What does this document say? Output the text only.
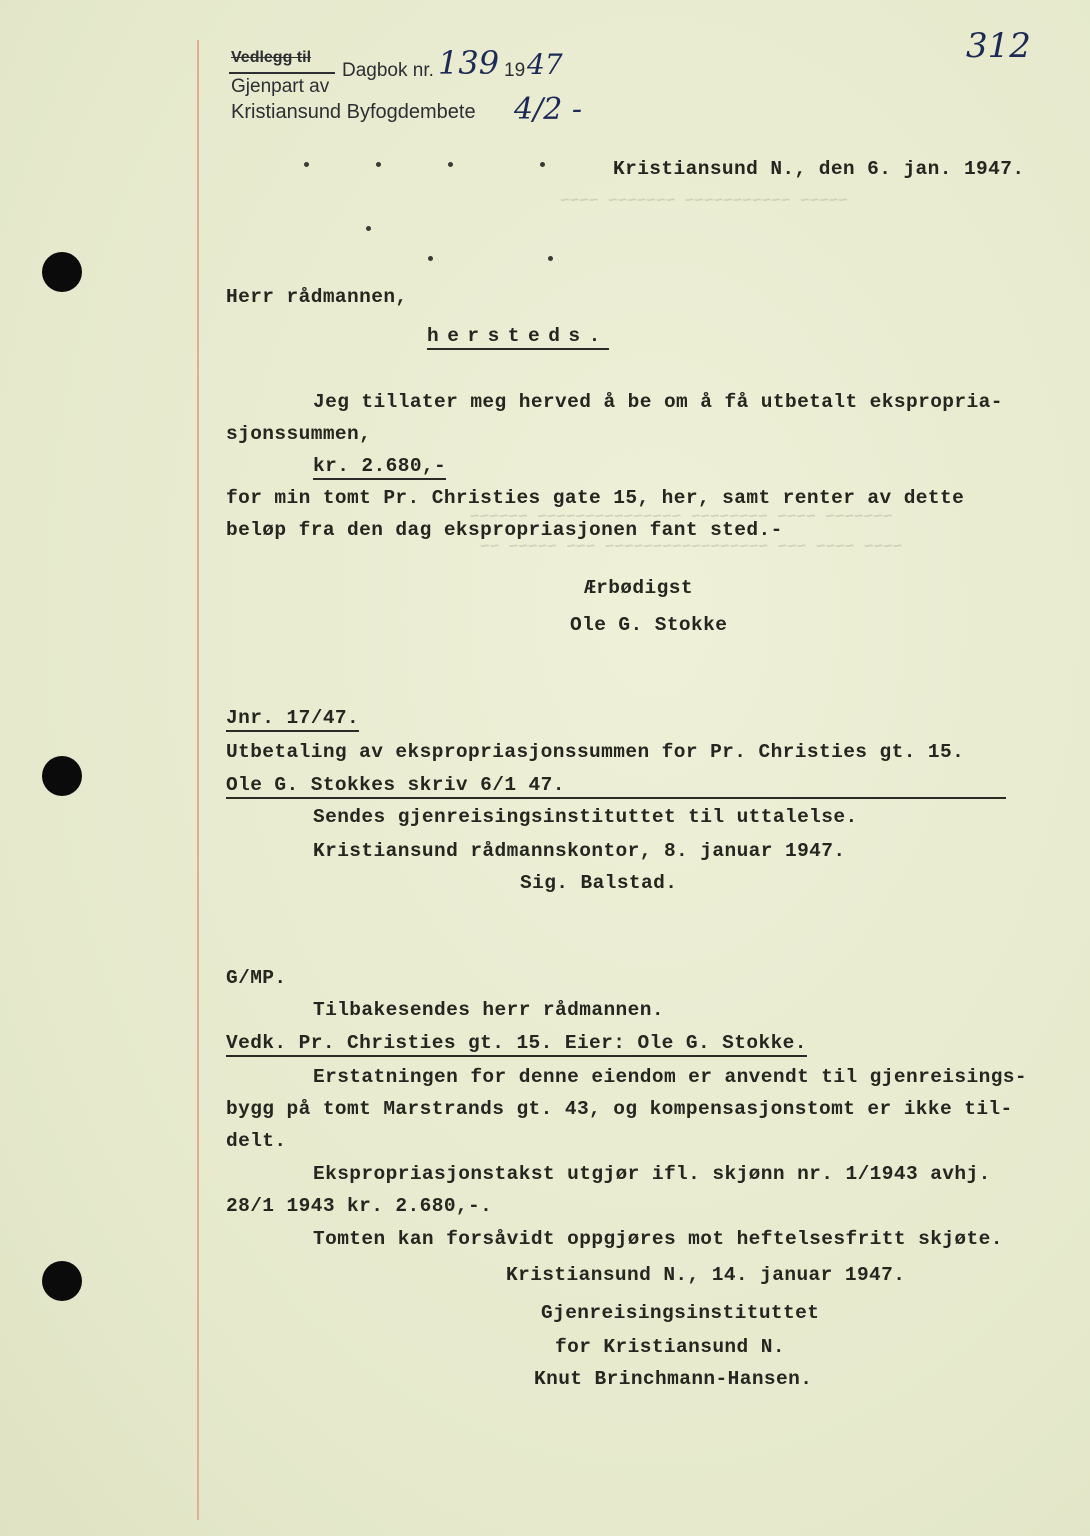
~~~~~ ~~~~~~~~~~~ ~~~~~~~ ~~~~
~~~~~~~ ~~~~ ~~~~~~~~ ~~~~~~~~~~~~~~~ ~~~~~~
~~~~ ~~~~ ~~~ ~~~~~~~~~~~~~~~~~ ~~~ ~~~~~ ~~
Vedlegg til
Gjenpart av
Dagbok nr. 139 19 47
Kristiansund Byfogdembete 4/2 -
312
Kristiansund N., den 6. jan. 1947.
Herr rådmannen,
hersteds.
Jeg tillater meg herved å be om å få utbetalt ekspropria-
sjonssummen,
kr. 2.680,-
for min tomt Pr. Christies gate 15, her, samt renter av dette
beløp fra den dag ekspropriasjonen fant sted.-
Ærbødigst
Ole G. Stokke
Jnr. 17/47.
Utbetaling av ekspropriasjonssummen for Pr. Christies gt. 15.
Ole G. Stokkes skriv 6/1 47.
Sendes gjenreisingsinstituttet til uttalelse.
Kristiansund rådmannskontor, 8. januar 1947.
Sig. Balstad.
G/MP.
Tilbakesendes herr rådmannen.
Vedk. Pr. Christies gt. 15. Eier: Ole G. Stokke.
Erstatningen for denne eiendom er anvendt til gjenreisings-
bygg på tomt Marstrands gt. 43, og kompensasjonstomt er ikke til-
delt.
Ekspropriasjonstakst utgjør ifl. skjønn nr. 1/1943 avhj.
28/1 1943 kr. 2.680,-.
Tomten kan forsåvidt oppgjøres mot heftelsesfritt skjøte.
Kristiansund N., 14. januar 1947.
Gjenreisingsinstituttet
for Kristiansund N.
Knut Brinchmann-Hansen.
